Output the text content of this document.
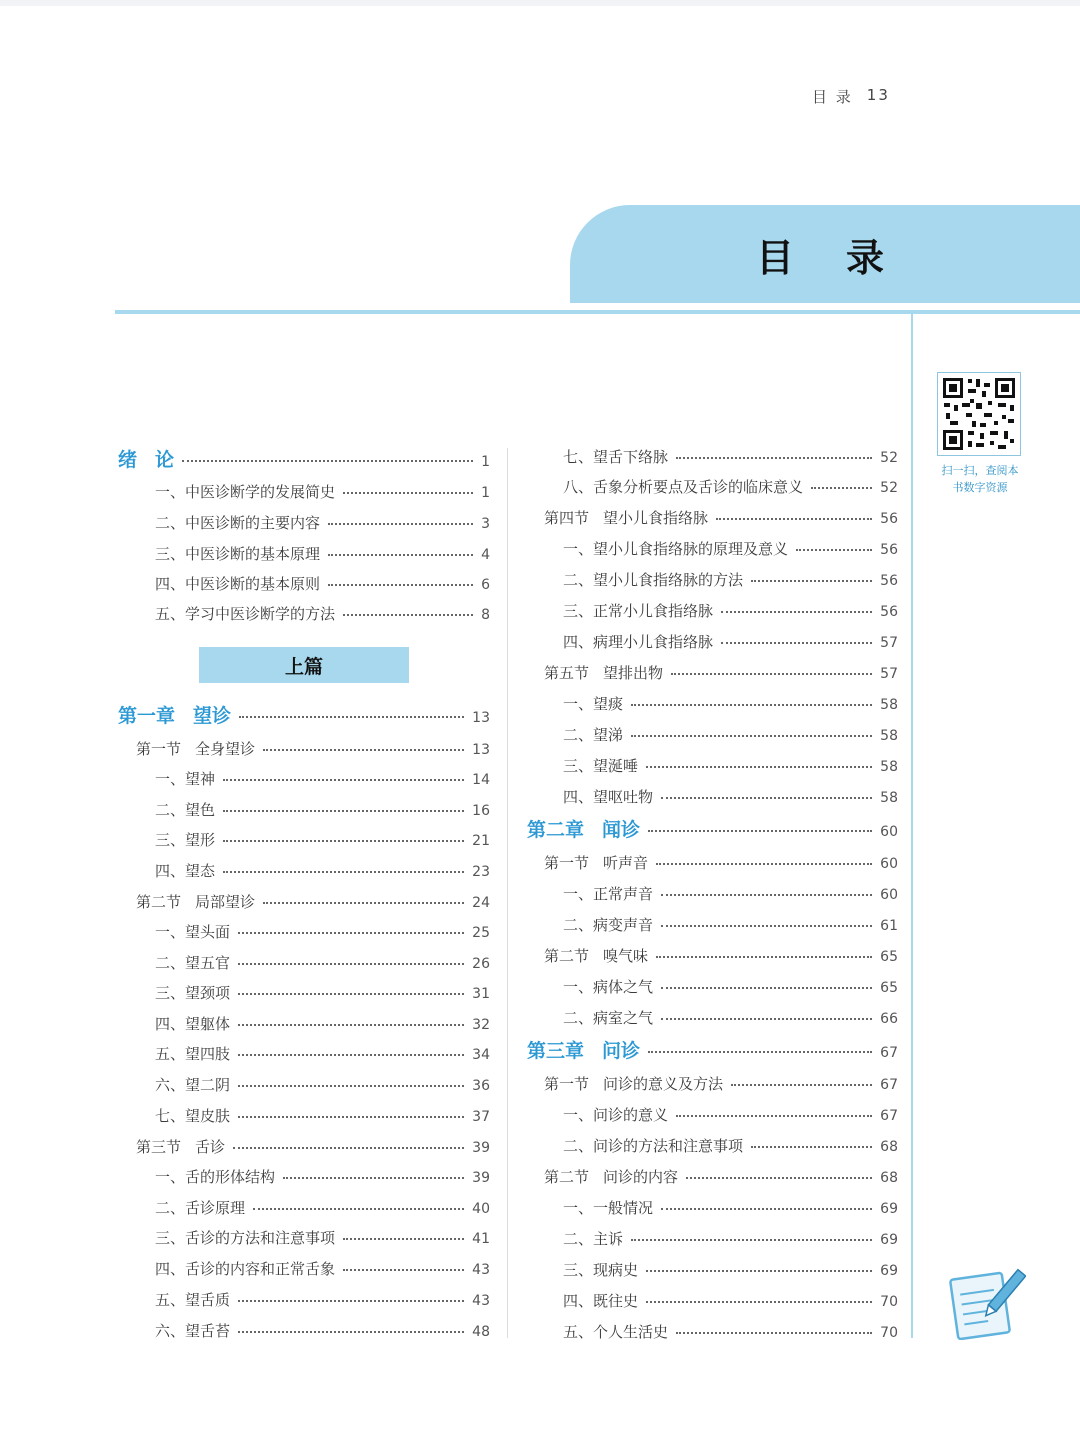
目 录 13
目录
扫一扫，查阅本
书数字资源
上篇
绪 论	1
一、中医诊断学的发展简史	1
二、中医诊断的主要内容	3
三、中医诊断的基本原理	4
四、中医诊断的基本原则	6
五、学习中医诊断学的方法	8
第一章 望诊	13
第一节 全身望诊	13
一、望神	14
二、望色	16
三、望形	21
四、望态	23
第二节 局部望诊	24
一、望头面	25
二、望五官	26
三、望颈项	31
四、望躯体	32
五、望四肢	34
六、望二阴	36
七、望皮肤	37
第三节 舌诊	39
一、舌的形体结构	39
二、舌诊原理	40
三、舌诊的方法和注意事项	41
四、舌诊的内容和正常舌象	43
五、望舌质	43
六、望舌苔	48
七、望舌下络脉	52
八、舌象分析要点及舌诊的临床意义	52
第四节 望小儿食指络脉	56
一、望小儿食指络脉的原理及意义	56
二、望小儿食指络脉的方法	56
三、正常小儿食指络脉	56
四、病理小儿食指络脉	57
第五节 望排出物	57
一、望痰	58
二、望涕	58
三、望涎唾	58
四、望呕吐物	58
第二章 闻诊	60
第一节 听声音	60
一、正常声音	60
二、病变声音	61
第二节 嗅气味	65
一、病体之气	65
二、病室之气	66
第三章 问诊	67
第一节 问诊的意义及方法	67
一、问诊的意义	67
二、问诊的方法和注意事项	68
第二节 问诊的内容	68
一、一般情况	69
二、主诉	69
三、现病史	69
四、既往史	70
五、个人生活史	70
